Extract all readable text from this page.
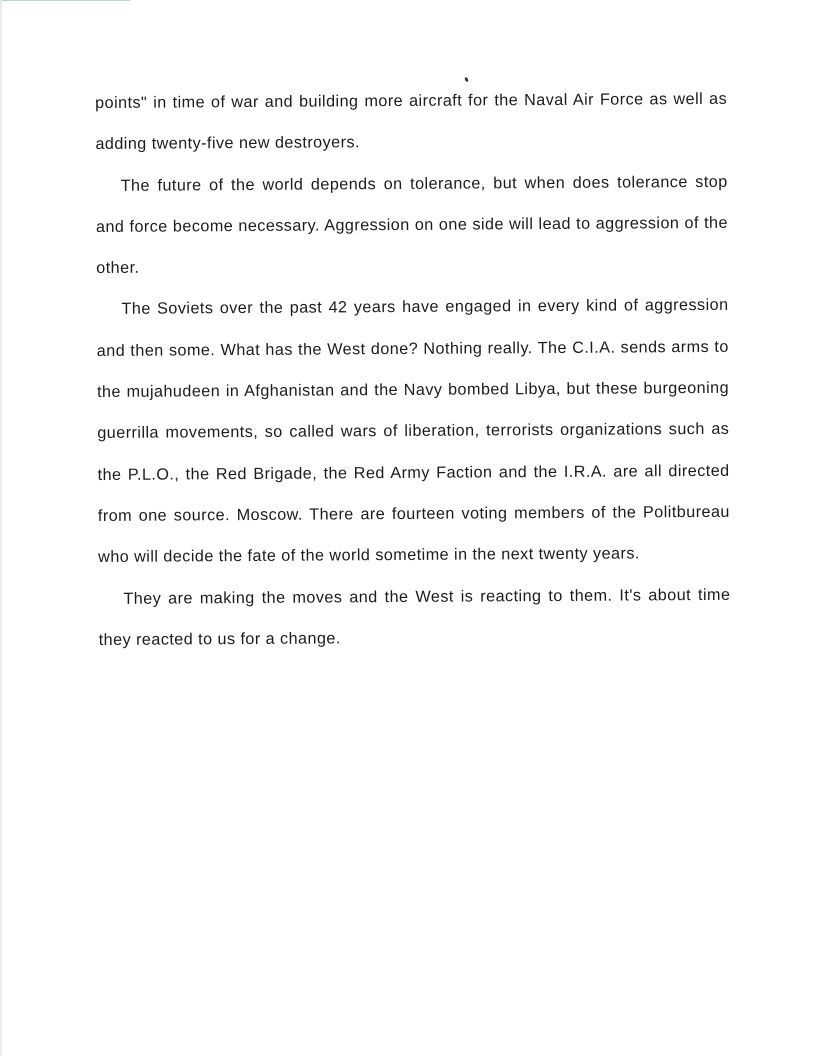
points" in time of war and building more aircraft for the Naval Air Force as well as adding twenty-five new destroyers.

The future of the world depends on tolerance, but when does tolerance stop and force become necessary. Aggression on one side will lead to aggression of the other.

The Soviets over the past 42 years have engaged in every kind of aggression and then some. What has the West done? Nothing really. The C.I.A. sends arms to the mujahudeen in Afghanistan and the Navy bombed Libya, but these burgeoning guerrilla movements, so called wars of liberation, terrorists organizations such as the P.L.O., the Red Brigade, the Red Army Faction and the I.R.A. are all directed from one source. Moscow. There are fourteen voting members of the Politbureau who will decide the fate of the world sometime in the next twenty years.

They are making the moves and the West is reacting to them. It's about time they reacted to us for a change.
